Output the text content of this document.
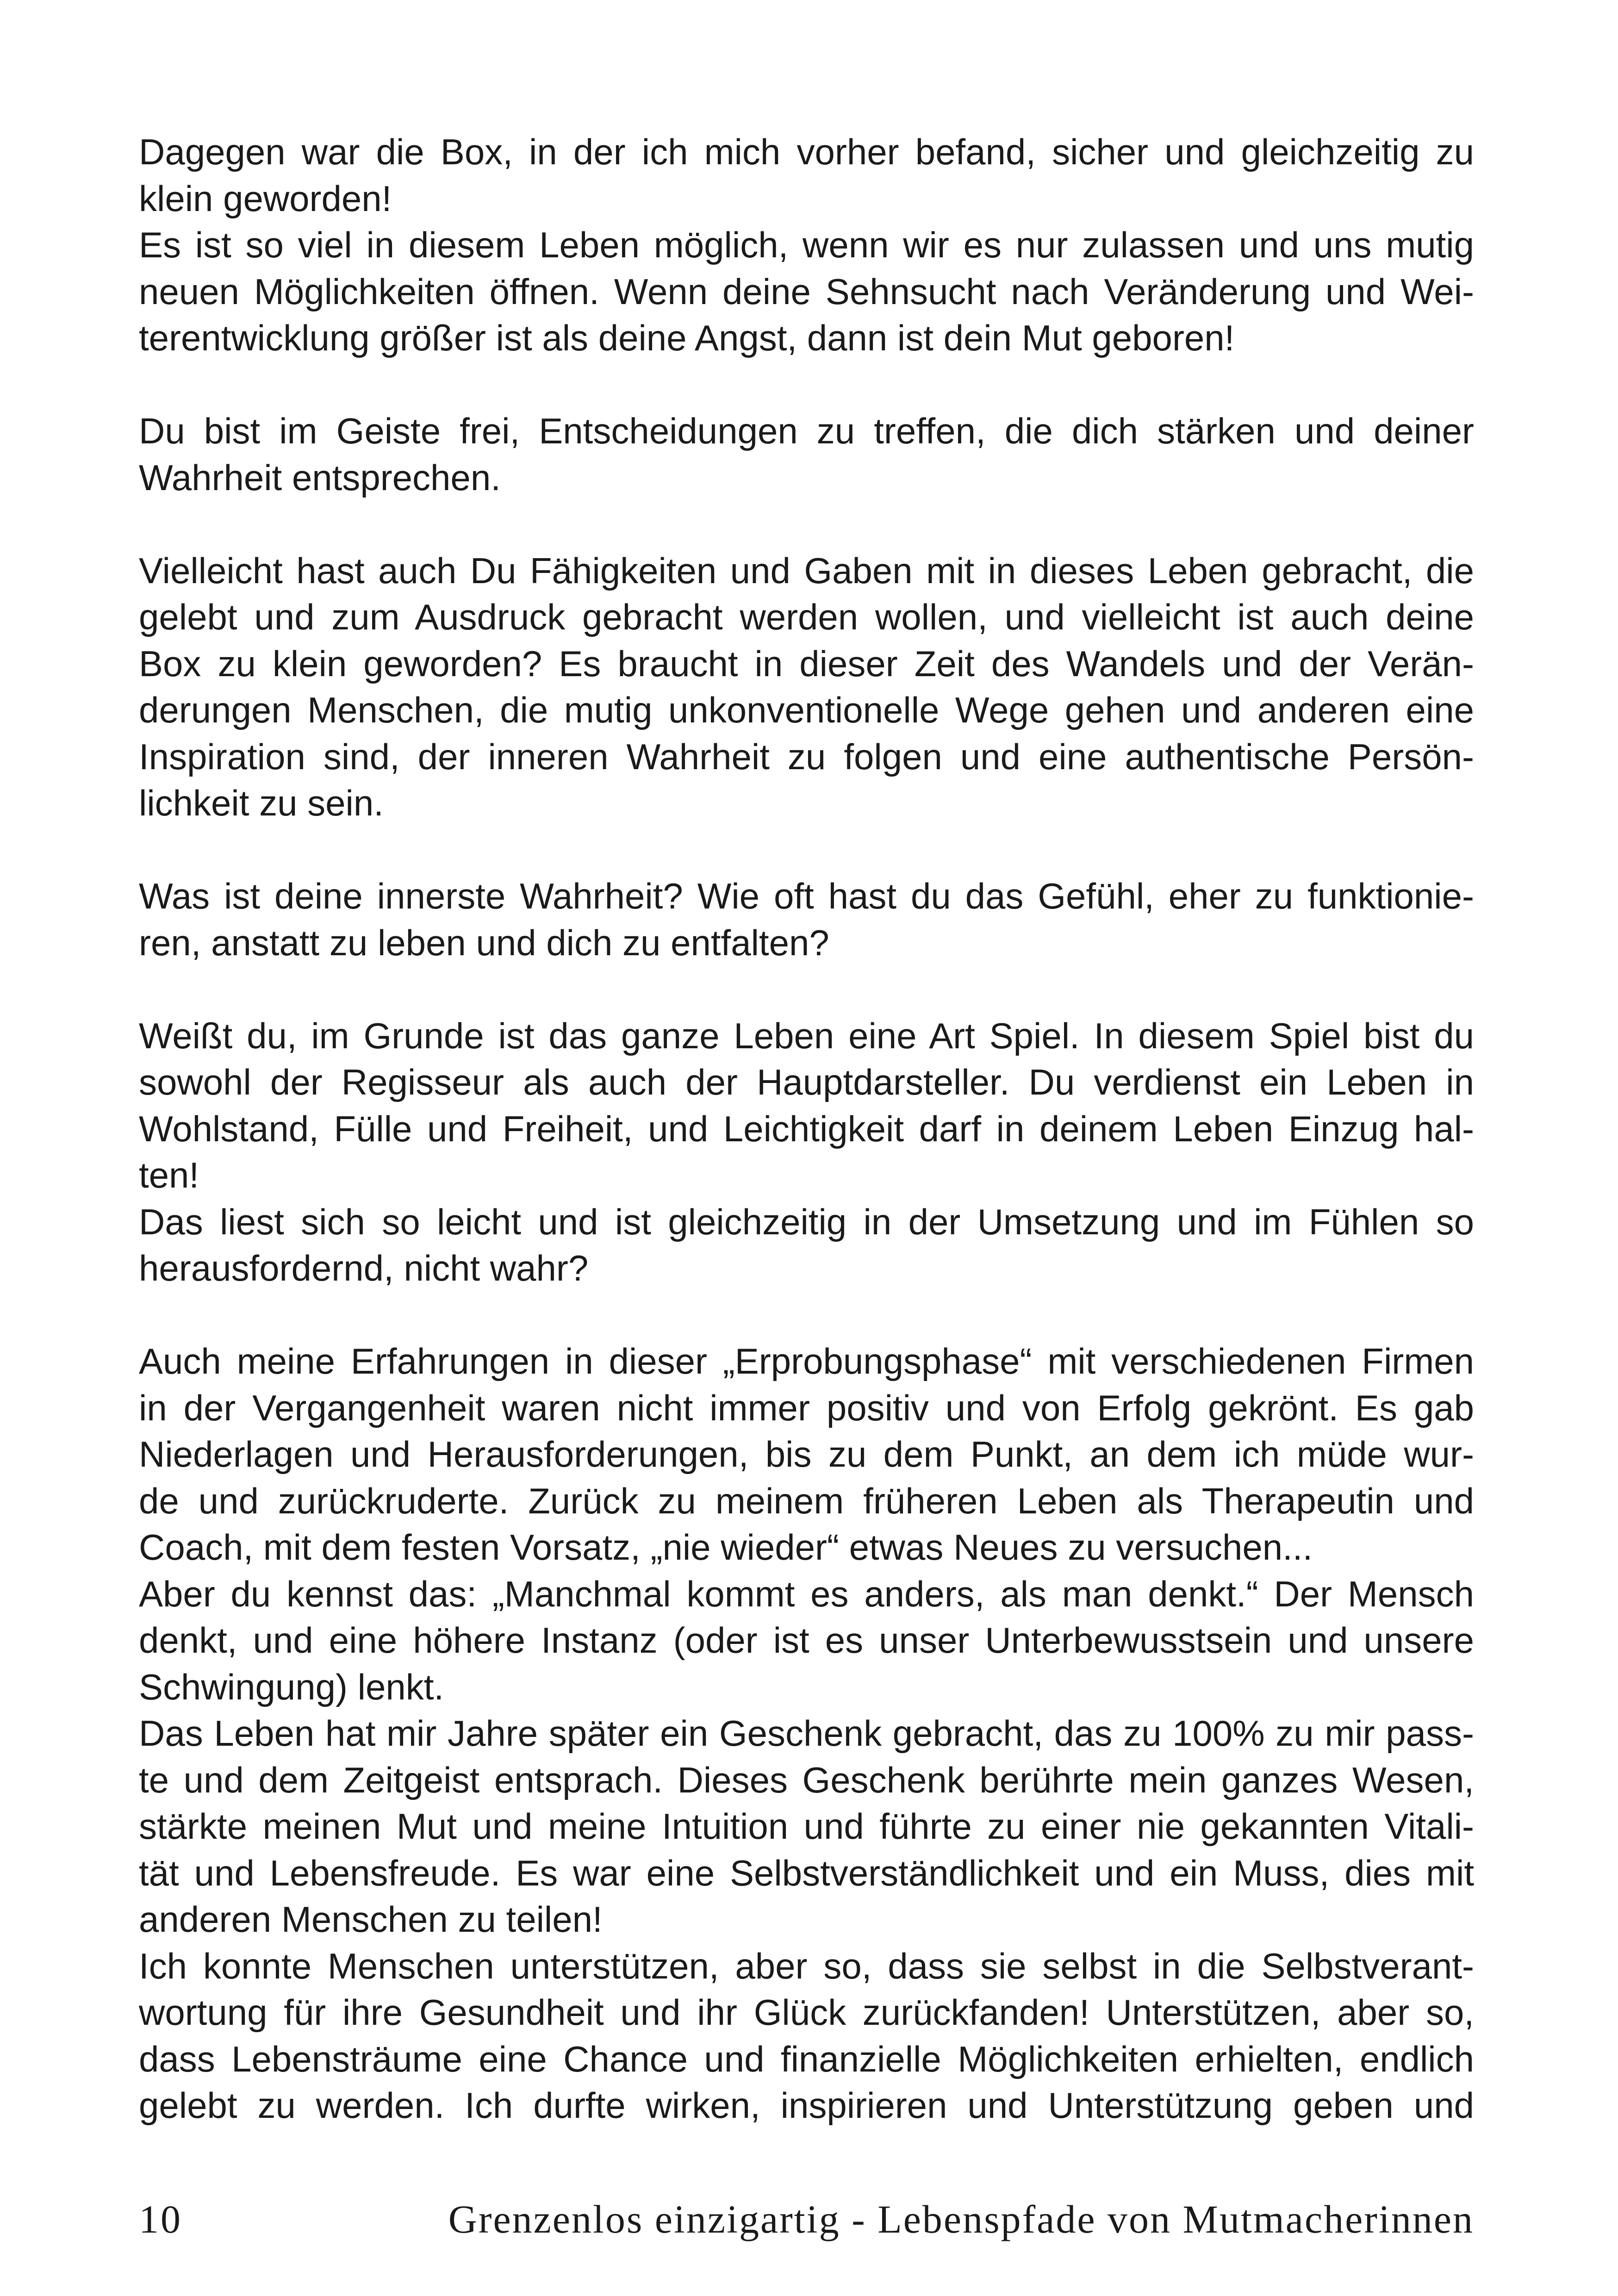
Dagegen war die Box, in der ich mich vorher befand, sicher und gleichzeitig zu
klein geworden!
Es ist so viel in diesem Leben möglich, wenn wir es nur zulassen und uns mutig
neuen Möglichkeiten öffnen. Wenn deine Sehnsucht nach Veränderung und Wei-
terentwicklung größer ist als deine Angst, dann ist dein Mut geboren!
Du bist im Geiste frei, Entscheidungen zu treffen, die dich stärken und deiner
Wahrheit entsprechen.
Vielleicht hast auch Du Fähigkeiten und Gaben mit in dieses Leben gebracht, die
gelebt und zum Ausdruck gebracht werden wollen, und vielleicht ist auch deine
Box zu klein geworden? Es braucht in dieser Zeit des Wandels und der Verän-
derungen Menschen, die mutig unkonventionelle Wege gehen und anderen eine
Inspiration sind, der inneren Wahrheit zu folgen und eine authentische Persön-
lichkeit zu sein.
Was ist deine innerste Wahrheit? Wie oft hast du das Gefühl, eher zu funktionie-
ren, anstatt zu leben und dich zu entfalten?
Weißt du, im Grunde ist das ganze Leben eine Art Spiel. In diesem Spiel bist du
sowohl der Regisseur als auch der Hauptdarsteller. Du verdienst ein Leben in
Wohlstand, Fülle und Freiheit, und Leichtigkeit darf in deinem Leben Einzug hal-
ten!
Das liest sich so leicht und ist gleichzeitig in der Umsetzung und im Fühlen so
herausfordernd, nicht wahr?
Auch meine Erfahrungen in dieser „Erprobungsphase“ mit verschiedenen Firmen
in der Vergangenheit waren nicht immer positiv und von Erfolg gekrönt. Es gab
Niederlagen und Herausforderungen, bis zu dem Punkt, an dem ich müde wur-
de und zurückruderte. Zurück zu meinem früheren Leben als Therapeutin und
Coach, mit dem festen Vorsatz, „nie wieder“ etwas Neues zu versuchen...
Aber du kennst das: „Manchmal kommt es anders, als man denkt.“ Der Mensch
denkt, und eine höhere Instanz (oder ist es unser Unterbewusstsein und unsere
Schwingung) lenkt.
Das Leben hat mir Jahre später ein Geschenk gebracht, das zu 100% zu mir pass-
te und dem Zeitgeist entsprach. Dieses Geschenk berührte mein ganzes Wesen,
stärkte meinen Mut und meine Intuition und führte zu einer nie gekannten Vitali-
tät und Lebensfreude. Es war eine Selbstverständlichkeit und ein Muss, dies mit
anderen Menschen zu teilen!
Ich konnte Menschen unterstützen, aber so, dass sie selbst in die Selbstverant-
wortung für ihre Gesundheit und ihr Glück zurückfanden! Unterstützen, aber so,
dass Lebensträume eine Chance und finanzielle Möglichkeiten erhielten, endlich
gelebt zu werden. Ich durfte wirken, inspirieren und Unterstützung geben und
10	Grenzenlos einzigartig - Lebenspfade von Mutmacherinnen
